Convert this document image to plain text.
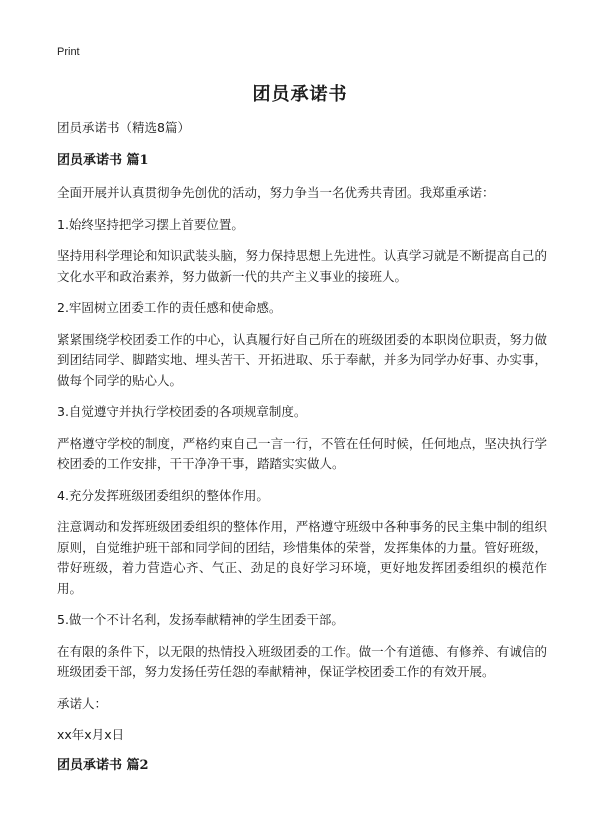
Print
团员承诺书

团员承诺书（精选8篇）

团员承诺书 篇1

全面开展并认真贯彻争先创优的活动，努力争当一名优秀共青团。我郑重承诺：

1.始终坚持把学习摆上首要位置。

坚持用科学理论和知识武装头脑，努力保持思想上先进性。认真学习就是不断提高自己的文化水平和政治素养，努力做新一代的共产主义事业的接班人。

2.牢固树立团委工作的责任感和使命感。

紧紧围绕学校团委工作的中心，认真履行好自己所在的班级团委的本职岗位职责，努力做到团结同学、脚踏实地、埋头苦干、开拓进取、乐于奉献，并多为同学办好事、办实事，做每个同学的贴心人。

3.自觉遵守并执行学校团委的各项规章制度。

严格遵守学校的制度，严格约束自己一言一行，不管在任何时候，任何地点，坚决执行学校团委的工作安排，干干净净干事，踏踏实实做人。

4.充分发挥班级团委组织的整体作用。

注意调动和发挥班级团委组织的整体作用，严格遵守班级中各种事务的民主集中制的组织原则，自觉维护班干部和同学间的团结，珍惜集体的荣誉，发挥集体的力量。管好班级，带好班级，着力营造心齐、气正、劲足的良好学习环境，更好地发挥团委组织的模范作用。

5.做一个不计名利，发扬奉献精神的学生团委干部。

在有限的条件下，以无限的热情投入班级团委的工作。做一个有道德、有修养、有诚信的班级团委干部，努力发扬任劳任怨的奉献精神，保证学校团委工作的有效开展。

承诺人：

xx年x月x日

团员承诺书 篇2
